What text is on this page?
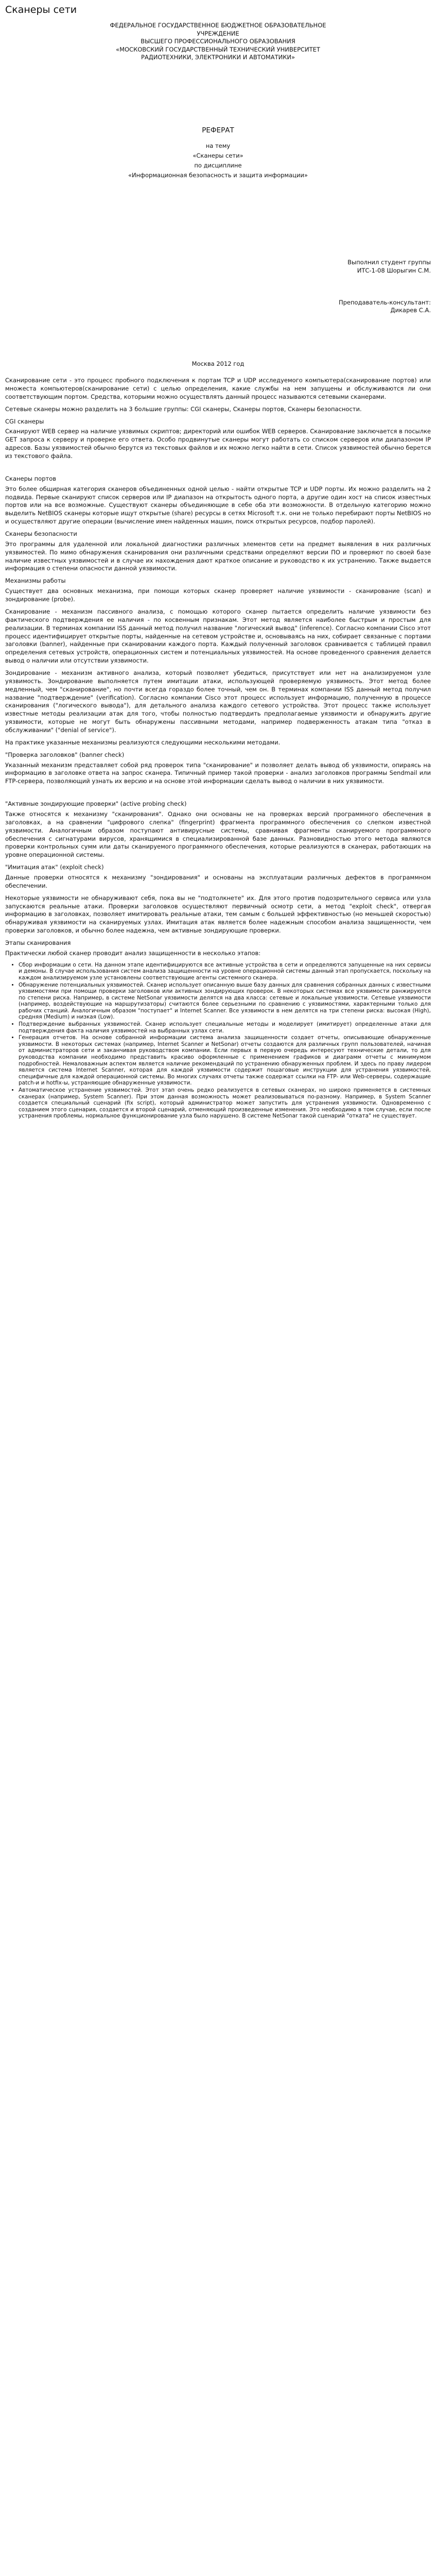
Сканеры сети

ФЕДЕРАЛЬНОЕ ГОСУДАРСТВЕННОЕ БЮДЖЕТНОЕ ОБРАЗОВАТЕЛЬНОЕ

УЧРЕЖДЕНИЕ

ВЫСШЕГО ПРОФЕССИОНАЛЬНОГО ОБРАЗОВАНИЯ

«МОСКОВСКИЙ ГОСУДАРСТВЕННЫЙ ТЕХНИЧЕСКИЙ УНИВЕРСИТЕТ

РАДИОТЕХНИКИ, ЭЛЕКТРОНИКИ И АВТОМАТИКИ»

РЕФЕРАТ

на тему

«Сканеры сети»

по дисциплине

«Информационная безопасность и защита информации»

Выполнил студент группы

ИТС-1-08 Шорыгин С.М.

Преподаватель-консультант:

Дикарев С.А.

Москва 2012 год

Сканирование сети - это процесс пробного подключения к портам TCP и UDP исследуемого компьютера(сканирование портов) или множеста компьютеров(сканирование сети) с целью определения, какие службы на нем запущены и обслуживаются ли они соответствующим портом. Средства, которыми можно осуществлять данный процесс называются сетевыми сканерами.

Сетевые сканеры можно разделить на 3 большие группы: CGI сканеры, Сканеры портов, Сканеры безопасности.

CGI сканеры

Сканируют WEB сервер на наличие уязвимых скриптов; директорий или ошибок WEB серверов. Сканирование заключается в посылке GET запроса к серверу и проверке его ответа. Особо продвинутые сканеры могут работать со списком серверов или диапазоном IP адресов. Базы уязвимостей обычно берутся из текстовых файлов и их можно легко найти в сети. Список уязвимостей обычно берется из текстового файла.

Сканеры портов

Это более общирная категория сканеров объединенных одной целью - найти открытые TCP и UDP порты. Их можно разделить на 2 подвида. Первые сканируют список серверов или IP диапазон на открытость одного порта, а другие один хост на список известных портов или на все возможные. Существуют сканеры объединяющие в себе оба эти возможности. В отдельную категорию можно выделить NetBIOS сканеры которые ищут открытые (share) ресурсы в сетях Microsoft т.к. они не только перебирают порты NetBIOS но и осуществляют другие операции (вычисление имен найденных машин, поиск открытых ресурсов, подбор паролей).

Сканеры безопасности

Это программы для удаленной или локальной диагностики различных элементов сети на предмет выявления в них различных уязвимостей. По мимо обнаружения сканирования они различными средствами определяют версии ПО и проверяют по своей базе наличие известных уязвимостей и в случае их нахождения дают краткое описание и руководство к их устранению. Также выдается информация о степени опасности данной уязвимости.

Механизмы работы

Существует два основных механизма, при помощи которых сканер проверяет наличие уязвимости - сканирование (scan) и зондирование (probe).

Сканирование - механизм пассивного анализа, с помощью которого сканер пытается определить наличие уязвимости без фактического подтверждения ее наличия - по косвенным признакам. Этот метод является наиболее быстрым и простым для реализации. В терминах компании ISS данный метод получил название "логический вывод" (inference). Согласно компании Cisco этот процесс идентифицирует открытые порты, найденные на сетевом устройстве и, основываясь на них, собирает связанные с портами заголовки (banner), найденные при сканировании каждого порта. Каждый полученный заголовок сравнивается с таблицей правил определения сетевых устройств, операционных систем и потенциальных уязвимостей. На основе проведенного сравнения делается вывод о наличии или отсутствии уязвимости.

Зондирование - механизм активного анализа, который позволяет убедиться, присутствует или нет на анализируемом узле уязвимость. Зондирование выполняется путем имитации атаки, использующей проверяемую уязвимость. Этот метод более медленный, чем "сканирование", но почти всегда гораздо более точный, чем он. В терминах компании ISS данный метод получил название "подтверждение" (verification). Согласно компании Cisco этот процесс использует информацию, полученную в процессе сканирования ("логического вывода"), для детального анализа каждого сетевого устройства. Этот процесс также использует известные методы реализации атак для того, чтобы полностью подтвердить предполагаемые уязвимости и обнаружить другие уязвимости, которые не могут быть обнаружены пассивными методами, например подверженность атакам типа "отказ в обслуживании" ("denial of service").

На практике указанные механизмы реализуются следующими несколькими методами.

"Проверка заголовков" (banner check)

Указанный механизм представляет собой ряд проверок типа "сканирование" и позволяет делать вывод об уязвимости, опираясь на информацию в заголовке ответа на запрос сканера. Типичный пример такой проверки - анализ заголовков программы Sendmail или FTP-сервера, позволяющий узнать их версию и на основе этой информации сделать вывод о наличии в них уязвимости.

"Активные зондирующие проверки" (active probing check)

Также относятся к механизму "сканирования". Однако они основаны не на проверках версий программного обеспечения в заголовках, а на сравнении "цифрового слепка" (fingerprint) фрагмента программного обеспечения со слепком известной уязвимости. Аналогичным образом поступают антивирусные системы, сравнивая фрагменты сканируемого программного обеспечения с сигнатурами вирусов, хранящимися в специализированной базе данных. Разновидностью этого метода являются проверки контрольных сумм или даты сканируемого программного обеспечения, которые реализуются в сканерах, работающих на уровне операционной системы.

"Имитация атак" (exploit check)

Данные проверки относятся к механизму "зондирования" и основаны на эксплуатации различных дефектов в программном обеспечении.

Некоторые уязвимости не обнаруживают себя, пока вы не "подтолкнете" их. Для этого против подозрительного сервиса или узла запускаются реальные атаки. Проверки заголовков осуществляют первичный осмотр сети, а метод "exploit check", отвергая информацию в заголовках, позволяет имитировать реальные атаки, тем самым с большей эффективностью (но меньшей скоростью) обнаруживая уязвимости на сканируемых узлах. Имитация атак является более надежным способом анализа защищенности, чем проверки заголовков, и обычно более надежна, чем активные зондирующие проверки.

Этапы сканирования

Практически любой сканер проводит анализ защищенности в несколько этапов:

• Сбор информации о сети. На данном этапе идентифицируются все активные устройства в сети и определяются запущенные на них сервисы и демоны. В случае использования систем анализа защищенности на уровне операционной системы данный этап пропускается, поскольку на каждом анализируемом узле установлены соответствующие агенты системного сканера.
• Обнаружение потенциальных уязвимостей. Сканер использует описанную выше базу данных для сравнения собранных данных с известными уязвимостями при помощи проверки заголовков или активных зондирующих проверок. В некоторых системах все уязвимости ранжируются по степени риска. Например, в системе NetSonar уязвимости делятся на два класса: сетевые и локальные уязвимости. Сетевые уязвимости (например, воздействующие на маршрутизаторы) считаются более серьезными по сравнению с уязвимостями, характерными только для рабочих станций. Аналогичным образом "поступает" и Internet Scanner. Все уязвимости в нем делятся на три степени риска: высокая (High), средняя (Medium) и низкая (Low).
• Подтверждение выбранных уязвимостей. Сканер использует специальные методы и моделирует (имитирует) определенные атаки для подтверждения факта наличия уязвимостей на выбранных узлах сети.
• Генерация отчетов. На основе собранной информации система анализа защищенности создает отчеты, описывающие обнаруженные уязвимости. В некоторых системах (например, Internet Scanner и NetSonar) отчеты создаются для различных групп пользователей, начиная от администраторов сети и заканчивая руководством компании. Если первых в первую очередь интересуют технические детали, то для руководства компании необходимо представить красиво оформленные с применением графиков и диаграмм отчеты с минимумом подробностей. Немаловажным аспектом является наличие рекомендаций по устранению обнаруженных проблем. И здесь по праву лидером является система Internet Scanner, которая для каждой уязвимости содержит пошаговые инструкции для устранения уязвимостей, специфичные для каждой операционной системы. Во многих случаях отчеты также содержат ссылки на FTP- или Web-серверы, содержащие patch-и и hotfix-ы, устраняющие обнаруженные уязвимости.
• Автоматическое устранение уязвимостей. Этот этап очень редко реализуется в сетевых сканерах, но широко применяется в системных сканерах (например, System Scanner). При этом данная возможность может реализовываться по-разному. Например, в System Scanner создается специальный сценарий (fix script), который администратор может запустить для устранения уязвимости. Одновременно с созданием этого сценария, создается и второй сценарий, отменяющий произведенные изменения. Это необходимо в том случае, если после устранения проблемы, нормальное функционирование узла было нарушено. В системе NetSonar такой сценарий "отката" не существует.
